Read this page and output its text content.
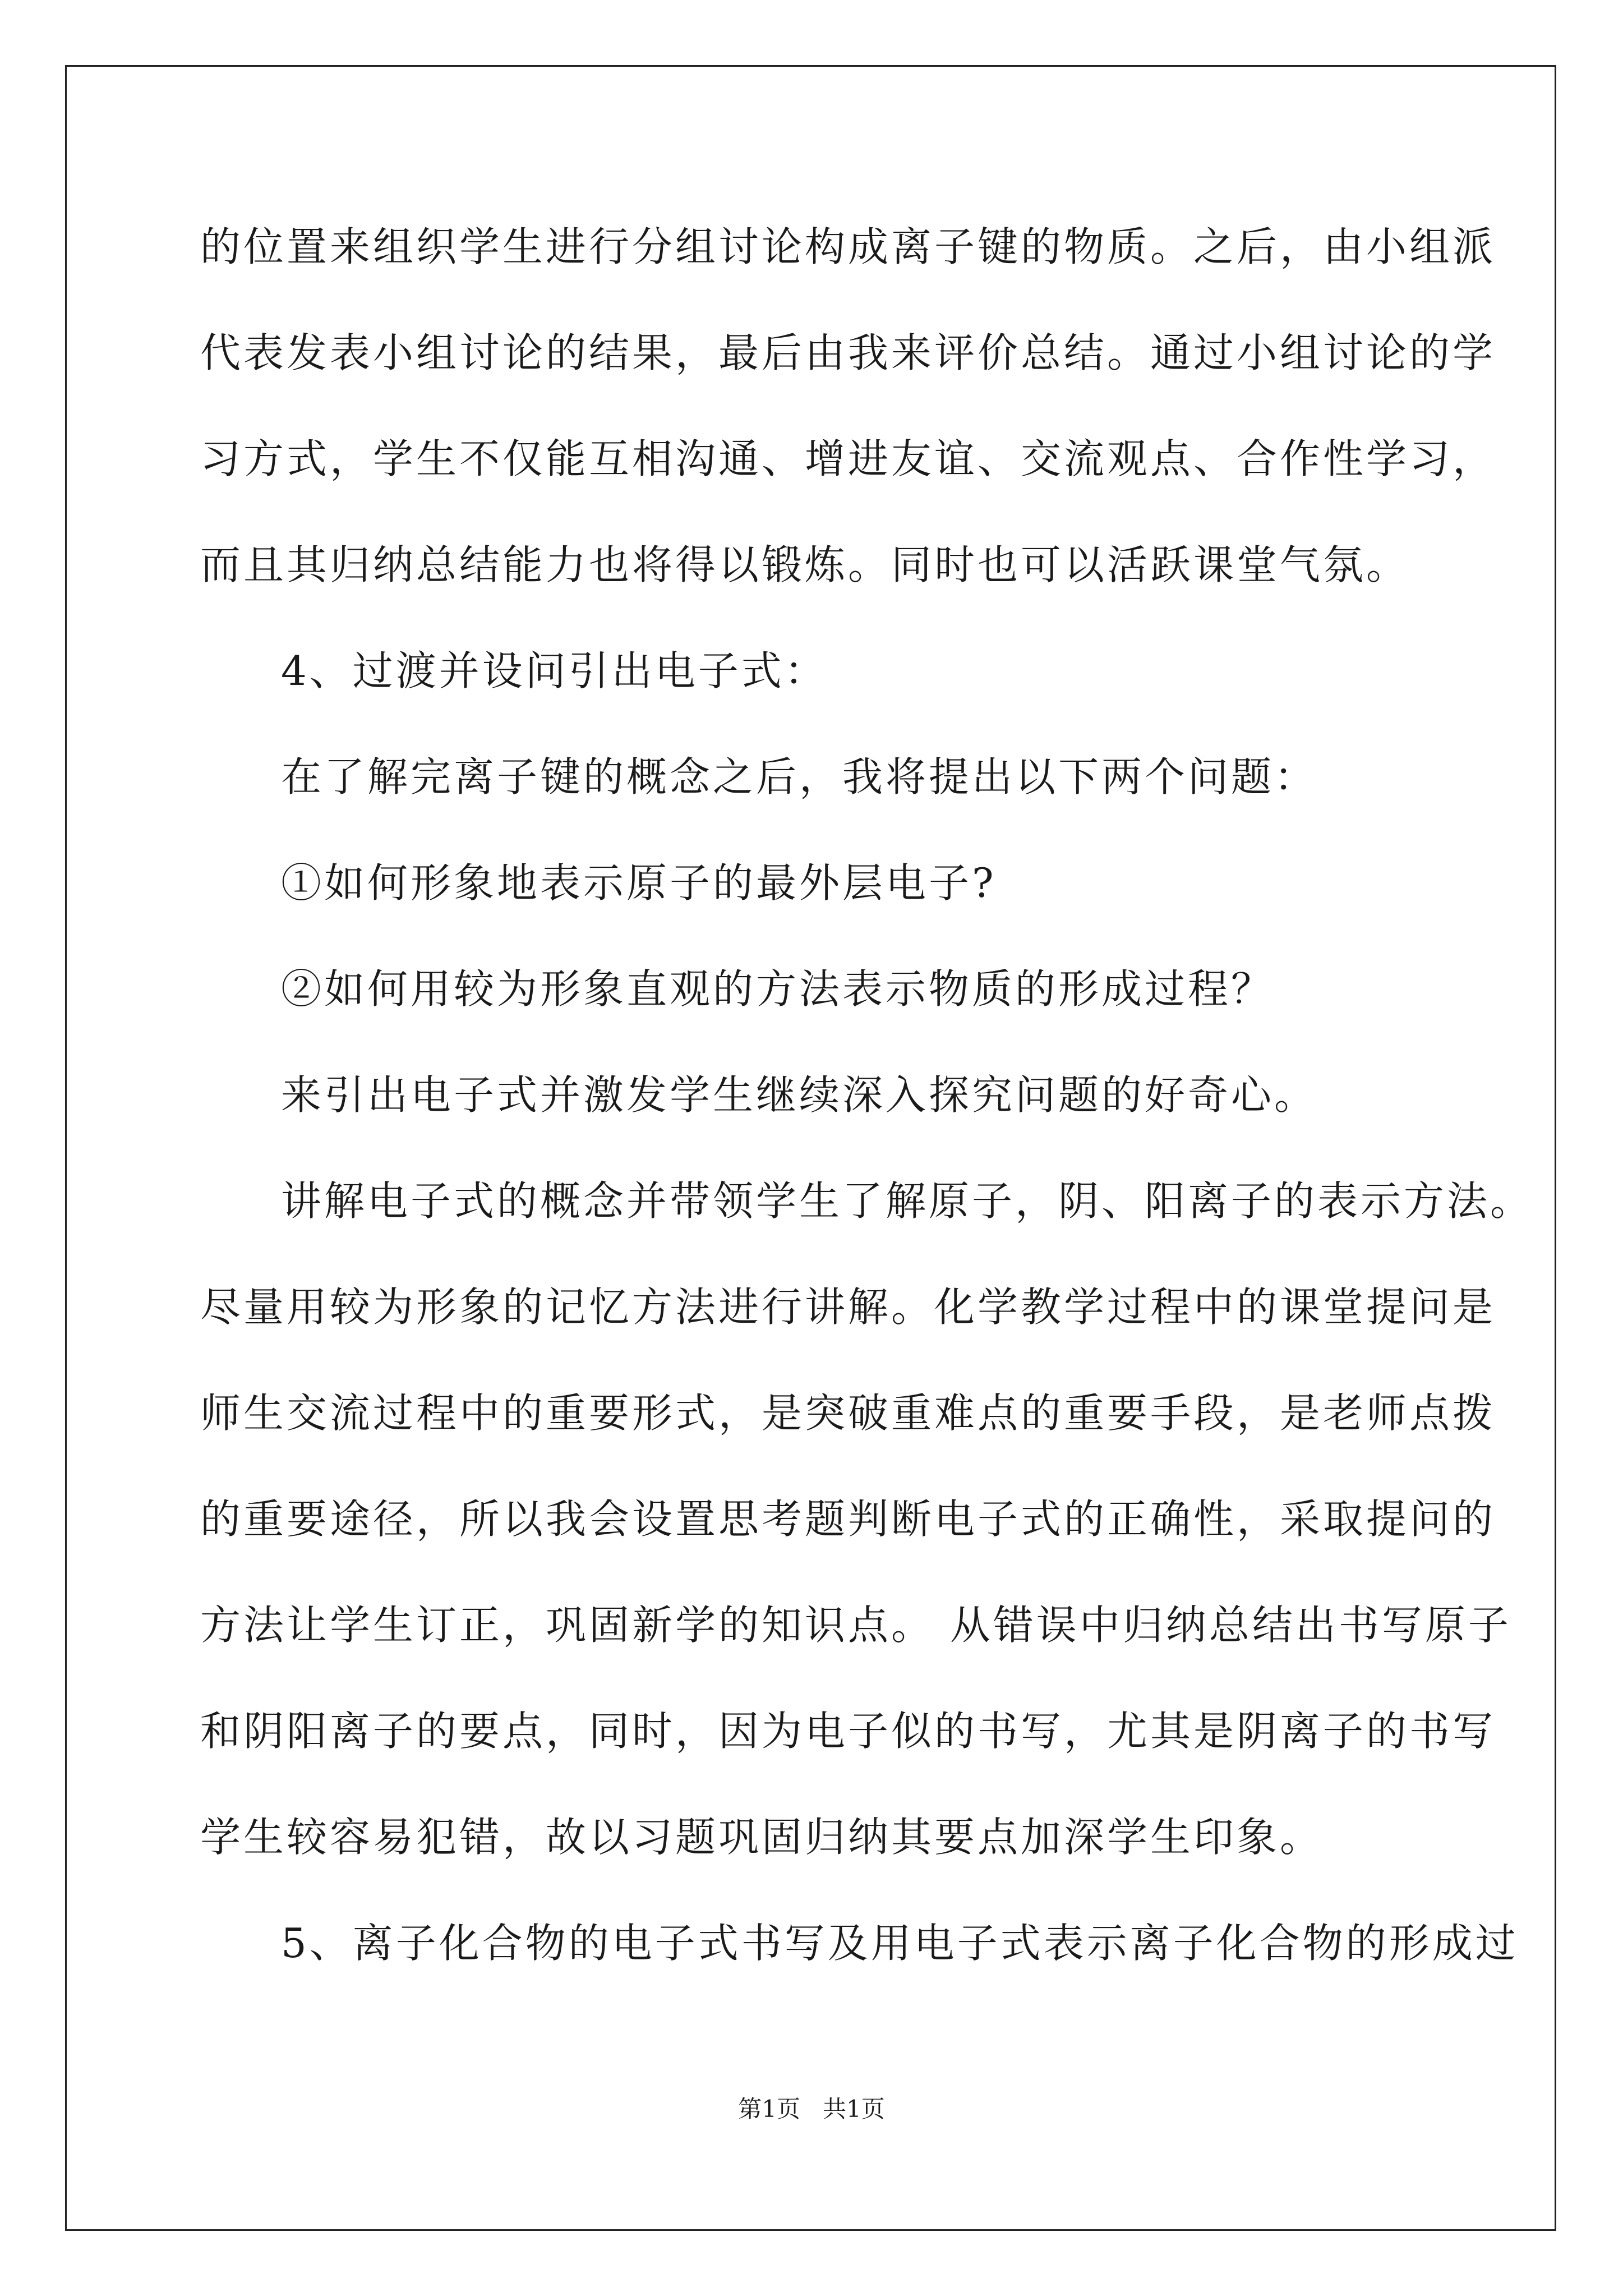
的位置来组织学生进行分组讨论构成离子键的物质。之后，由小组派
代表发表小组讨论的结果，最后由我来评价总结。通过小组讨论的学
习方式，学生不仅能互相沟通、增进友谊、交流观点、合作性学习，
而且其归纳总结能力也将得以锻炼。同时也可以活跃课堂气氛。
4、过渡并设问引出电子式：
在了解完离子键的概念之后，我将提出以下两个问题：
①如何形象地表示原子的最外层电子?
②如何用较为形象直观的方法表示物质的形成过程？
来引出电子式并激发学生继续深入探究问题的好奇心。
讲解电子式的概念并带领学生了解原子，阴、阳离子的表示方法。
尽量用较为形象的记忆方法进行讲解。化学教学过程中的课堂提问是
师生交流过程中的重要形式，是突破重难点的重要手段，是老师点拨
的重要途径，所以我会设置思考题判断电子式的正确性，采取提问的
方法让学生订正，巩固新学的知识点。 从错误中归纳总结出书写原子
和阴阳离子的要点，同时，因为电子似的书写，尤其是阴离子的书写
学生较容易犯错，故以习题巩固归纳其要点加深学生印象。
5、离子化合物的电子式书写及用电子式表示离子化合物的形成过
第1页   共1页
